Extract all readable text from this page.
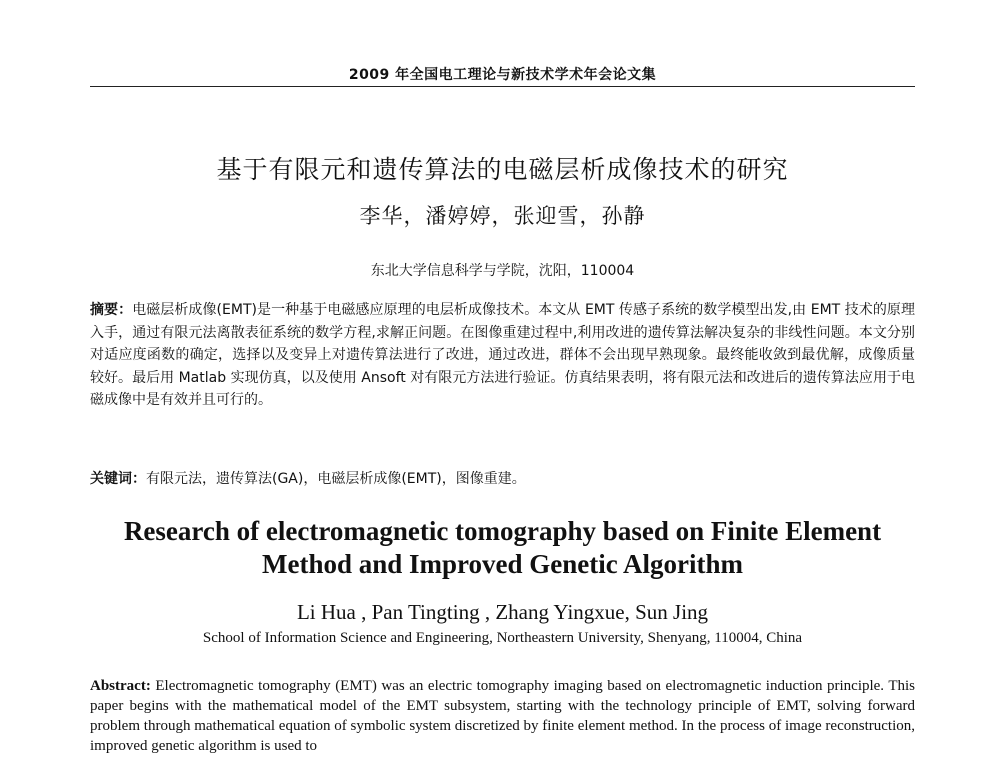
2009 年全国电工理论与新技术学术年会论文集
基于有限元和遗传算法的电磁层析成像技术的研究
李华，潘婷婷，张迎雪，孙静
东北大学信息科学与学院，沈阳，110004
摘要：电磁层析成像(EMT)是一种基于电磁感应原理的电层析成像技术。本文从 EMT 传感子系统的数学模型出发,由 EMT 技术的原理入手，通过有限元法离散表征系统的数学方程,求解正问题。在图像重建过程中,利用改进的遗传算法解决复杂的非线性问题。本文分别对适应度函数的确定，选择以及变异上对遗传算法进行了改进，通过改进，群体不会出现早熟现象。最终能收敛到最优解，成像质量较好。最后用 Matlab 实现仿真，以及使用 Ansoft 对有限元方法进行验证。仿真结果表明，将有限元法和改进后的遗传算法应用于电磁成像中是有效并且可行的。
关键词：有限元法，遗传算法(GA)，电磁层析成像(EMT)，图像重建。
Research of electromagnetic tomography based on Finite Element
Method and Improved Genetic Algorithm
Li Hua , Pan Tingting , Zhang Yingxue, Sun Jing
School of Information Science and Engineering, Northeastern University, Shenyang, 110004, China
Abstract: Electromagnetic tomography (EMT) was an electric tomography imaging based on electromagnetic induction principle. This paper begins with the mathematical model of the EMT subsystem, starting with the technology principle of EMT, solving forward problem through mathematical equation of symbolic system discretized by finite element method. In the process of image reconstruction, improved genetic algorithm is used to
